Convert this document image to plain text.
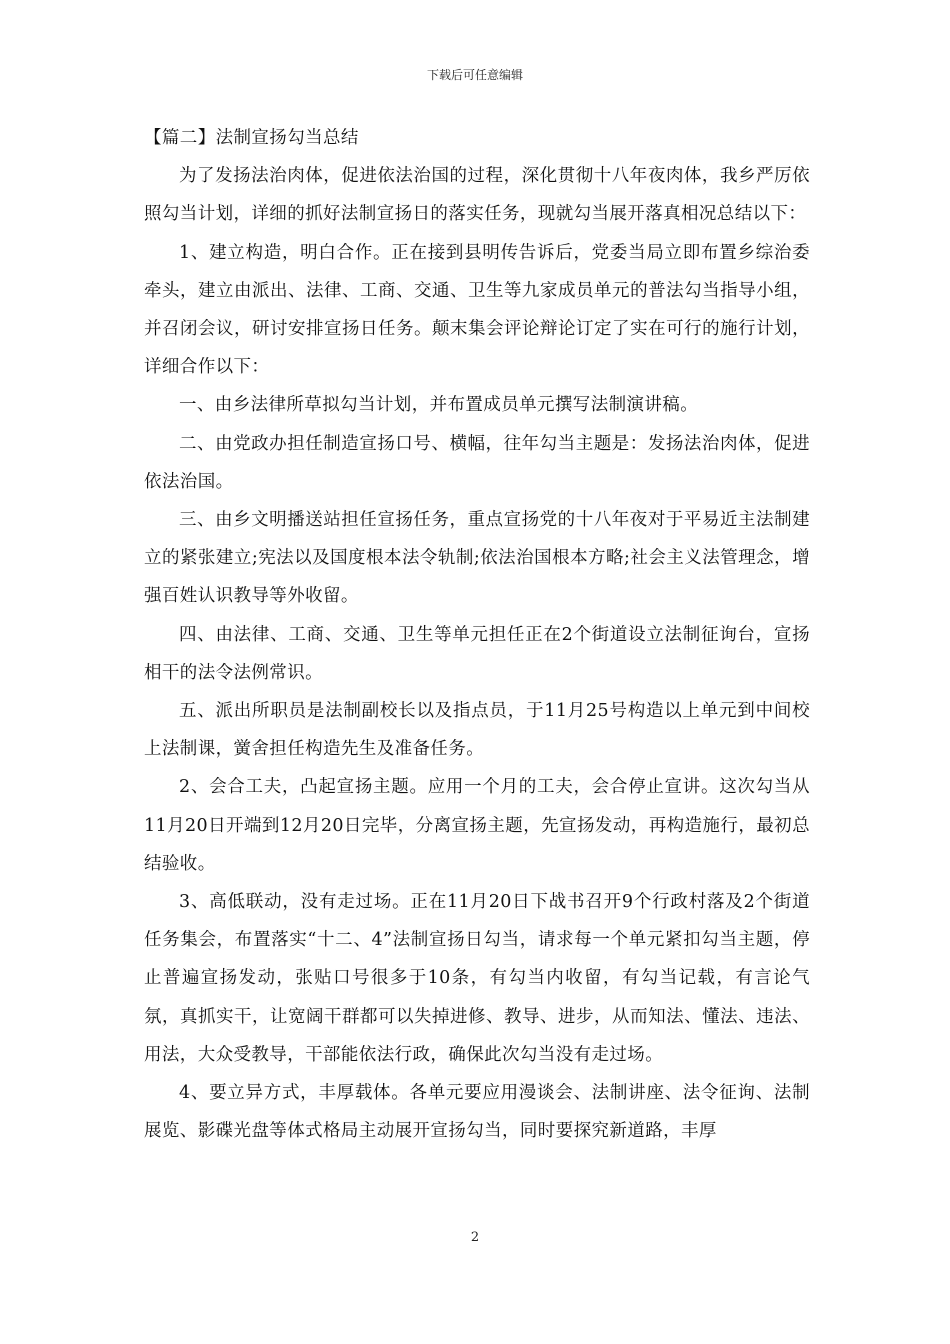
下载后可任意编辑

【篇二】法制宣扬勾当总结

为了发扬法治肉体，促进依法治国的过程，深化贯彻十八年夜肉体，我乡严厉依照勾当计划，详细的抓好法制宣扬日的落实任务，现就勾当展开落真相况总结以下：

1、建立构造，明白合作。正在接到县明传告诉后，党委当局立即布置乡综治委牵头，建立由派出、法律、工商、交通、卫生等九家成员单元的普法勾当指导小组，并召闭会议，研讨安排宣扬日任务。颠末集会评论辩论订定了实在可行的施行计划，详细合作以下：

一、由乡法律所草拟勾当计划，并布置成员单元撰写法制演讲稿。

二、由党政办担任制造宣扬口号、横幅，往年勾当主题是：发扬法治肉体，促进依法治国。

三、由乡文明播送站担任宣扬任务，重点宣扬党的十八年夜对于平易近主法制建立的紧张建立;宪法以及国度根本法令轨制;依法治国根本方略;社会主义法管理念，增强百姓认识教导等外收留。

四、由法律、工商、交通、卫生等单元担任正在2个街道设立法制征询台，宣扬相干的法令法例常识。

五、派出所职员是法制副校长以及指点员，于11月25号构造以上单元到中间校上法制课，黉舍担任构造先生及准备任务。

2、会合工夫，凸起宣扬主题。应用一个月的工夫，会合停止宣讲。这次勾当从11月20日开端到12月20日完毕，分离宣扬主题，先宣扬发动，再构造施行，最初总结验收。

3、高低联动，没有走过场。正在11月20日下战书召开9个行政村落及2个街道任务集会，布置落实“十二、4”法制宣扬日勾当，请求每一个单元紧扣勾当主题，停止普遍宣扬发动，张贴口号很多于10条，有勾当内收留，有勾当记载，有言论气氛，真抓实干，让宽阔干群都可以失掉进修、教导、进步，从而知法、懂法、违法、用法，大众受教导，干部能依法行政，确保此次勾当没有走过场。

4、要立异方式，丰厚载体。各单元要应用漫谈会、法制讲座、法令征询、法制展览、影碟光盘等体式格局主动展开宣扬勾当，同时要探究新道路，丰厚

2
